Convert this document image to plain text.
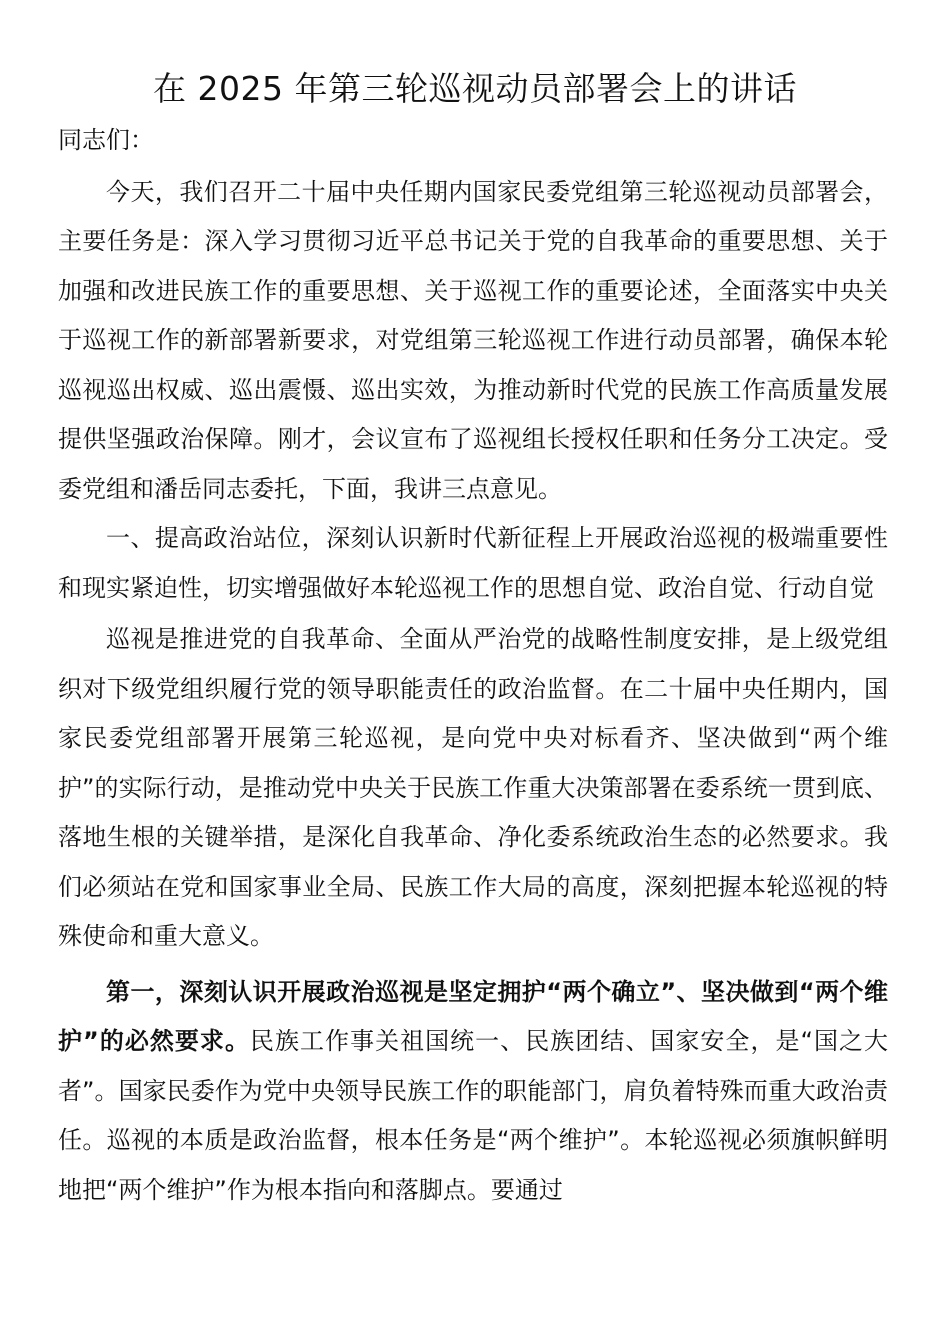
在 2025 年第三轮巡视动员部署会上的讲话

同志们：

今天，我们召开二十届中央任期内国家民委党组第三轮巡视动员部署会，主要任务是：深入学习贯彻习近平总书记关于党的自我革命的重要思想、关于加强和改进民族工作的重要思想、关于巡视工作的重要论述，全面落实中央关于巡视工作的新部署新要求，对党组第三轮巡视工作进行动员部署，确保本轮巡视巡出权威、巡出震慑、巡出实效，为推动新时代党的民族工作高质量发展提供坚强政治保障。刚才，会议宣布了巡视组长授权任职和任务分工决定。受委党组和潘岳同志委托，下面，我讲三点意见。

一、提高政治站位，深刻认识新时代新征程上开展政治巡视的极端重要性和现实紧迫性，切实增强做好本轮巡视工作的思想自觉、政治自觉、行动自觉

巡视是推进党的自我革命、全面从严治党的战略性制度安排，是上级党组织对下级党组织履行党的领导职能责任的政治监督。在二十届中央任期内，国家民委党组部署开展第三轮巡视，是向党中央对标看齐、坚决做到“两个维护”的实际行动，是推动党中央关于民族工作重大决策部署在委系统一贯到底、落地生根的关键举措，是深化自我革命、净化委系统政治生态的必然要求。我们必须站在党和国家事业全局、民族工作大局的高度，深刻把握本轮巡视的特殊使命和重大意义。

第一，深刻认识开展政治巡视是坚定拥护“两个确立”、坚决做到“两个维护”的必然要求。民族工作事关祖国统一、民族团结、国家安全，是“国之大者”。国家民委作为党中央领导民族工作的职能部门，肩负着特殊而重大政治责任。巡视的本质是政治监督，根本任务是“两个维护”。本轮巡视必须旗帜鲜明地把“两个维护”作为根本指向和落脚点。要通过
